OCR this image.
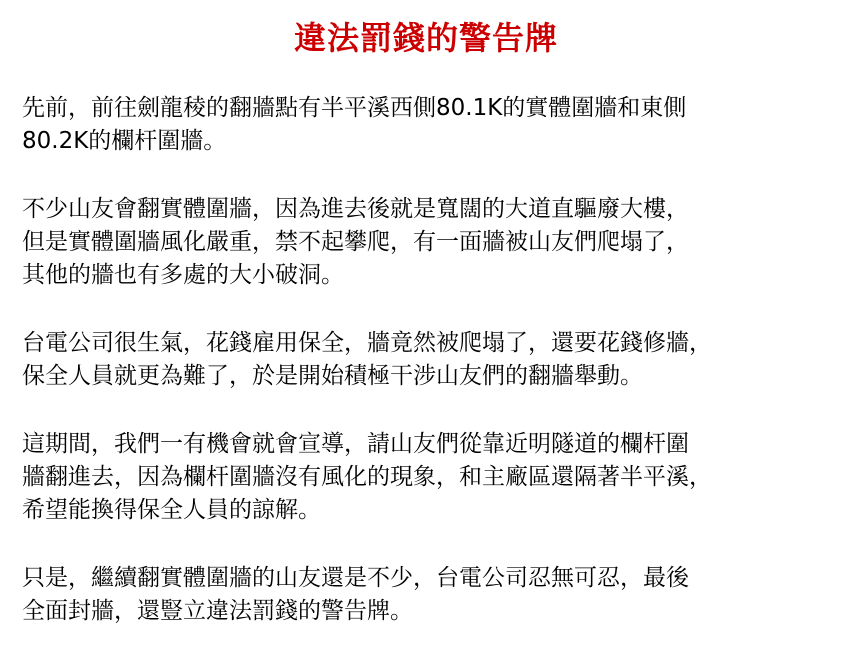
違法罰錢的警告牌
先前，前往劍龍稜的翻牆點有半平溪西側80.1K的實體圍牆和東側
80.2K的欄杆圍牆。
不少山友會翻實體圍牆，因為進去後就是寬闊的大道直驅廢大樓，
但是實體圍牆風化嚴重，禁不起攀爬，有一面牆被山友們爬塌了，
其他的牆也有多處的大小破洞。
台電公司很生氣，花錢雇用保全，牆竟然被爬塌了，還要花錢修牆，
保全人員就更為難了，於是開始積極干涉山友們的翻牆舉動。
這期間，我們一有機會就會宣導，請山友們從靠近明隧道的欄杆圍
牆翻進去，因為欄杆圍牆沒有風化的現象，和主廠區還隔著半平溪，
希望能換得保全人員的諒解。
只是，繼續翻實體圍牆的山友還是不少，台電公司忍無可忍，最後
全面封牆，還豎立違法罰錢的警告牌。
